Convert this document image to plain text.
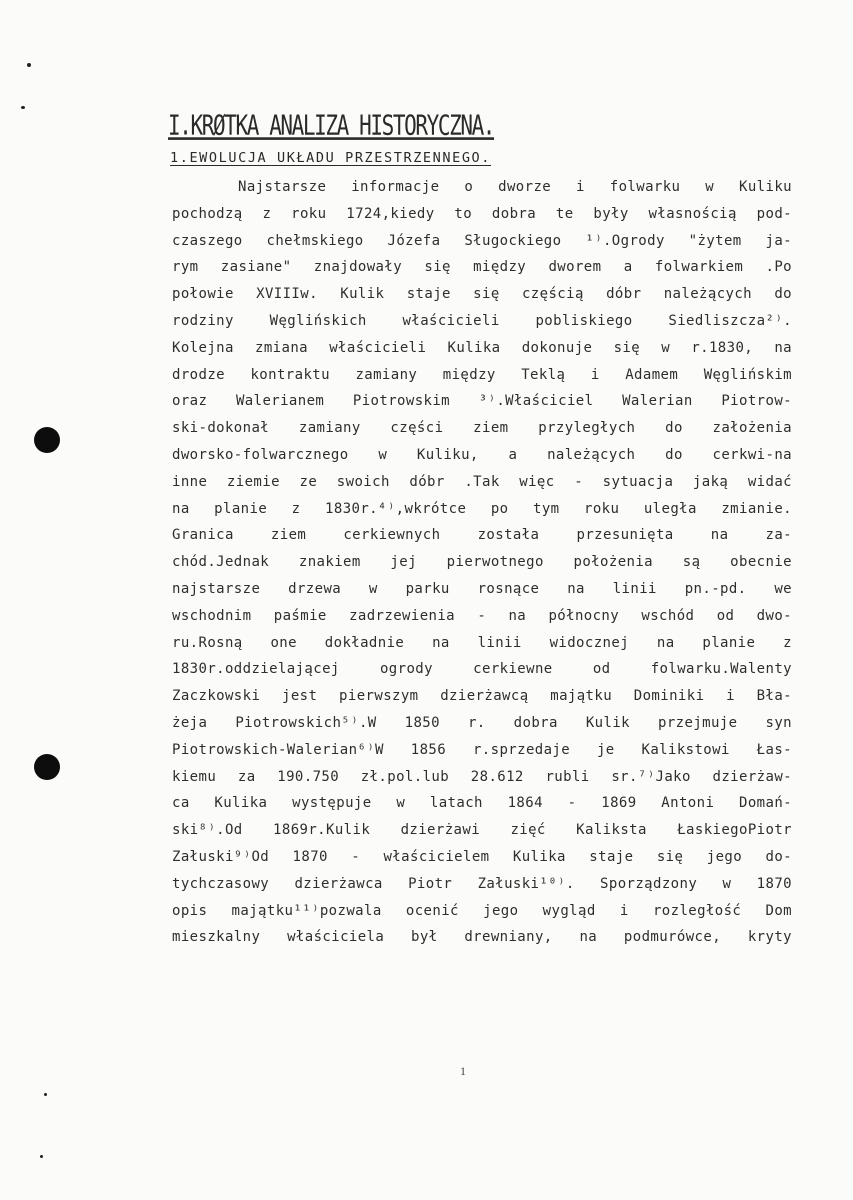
I.KRØTKA ANALIZA HISTORYCZNA.
1.EWOLUCJA UKŁADU PRZESTRZENNEGO.
Najstarsze informacje o dworze i folwarku w Kuliku
pochodzą z roku 1724,kiedy to dobra te były własnością pod-
czaszego chełmskiego Józefa Sługockiego ¹⁾.Ogrody "żytem ja-
rym zasiane" znajdowały się między dworem a folwarkiem .Po
połowie XVIIIw. Kulik staje się częścią dóbr należących do
rodziny Węglińskich właścicieli pobliskiego Siedliszcza²⁾.
Kolejna zmiana właścicieli Kulika dokonuje się w r.1830, na
drodze kontraktu zamiany między Teklą i Adamem Węglińskim
oraz Walerianem Piotrowskim ³⁾.Właściciel Walerian Piotrow-
ski-dokonał zamiany części ziem przyległych do założenia
dworsko-folwarcznego w Kuliku, a należących do cerkwi-na
inne ziemie ze swoich dóbr .Tak więc - sytuacja jaką widać
na planie z 1830r.⁴⁾,wkrótce po tym roku uległa zmianie.
Granica ziem cerkiewnych została przesunięta na za-
chód.Jednak znakiem jej pierwotnego położenia są obecnie
najstarsze drzewa w parku rosnące na linii pn.-pd. we
wschodnim paśmie zadrzewienia - na północny wschód od dwo-
ru.Rosną one dokładnie na linii widocznej na planie z
1830r.oddzielającej ogrody cerkiewne od folwarku.Walenty
Zaczkowski jest pierwszym dzierżawcą majątku Dominiki i Bła-
żeja Piotrowskich⁵⁾.W 1850 r. dobra Kulik przejmuje syn
Piotrowskich-Walerian⁶⁾W 1856 r.sprzedaje je Kalikstowi Łas-
kiemu za 190.750 zł.pol.lub 28.612 rubli sr.⁷⁾Jako dzierżaw-
ca Kulika występuje w latach 1864 - 1869 Antoni Domań-
ski⁸⁾.Od 1869r.Kulik dzierżawi zięć Kaliksta ŁaskiegoPiotr
Załuski⁹⁾Od 1870 - właścicielem Kulika staje się jego do-
tychczasowy dzierżawca Piotr Załuski¹⁰⁾. Sporządzony w 1870
opis majątku¹¹⁾pozwala ocenić jego wygląd i rozległość Dom
mieszkalny właściciela był drewniany, na podmurówce, kryty
1
